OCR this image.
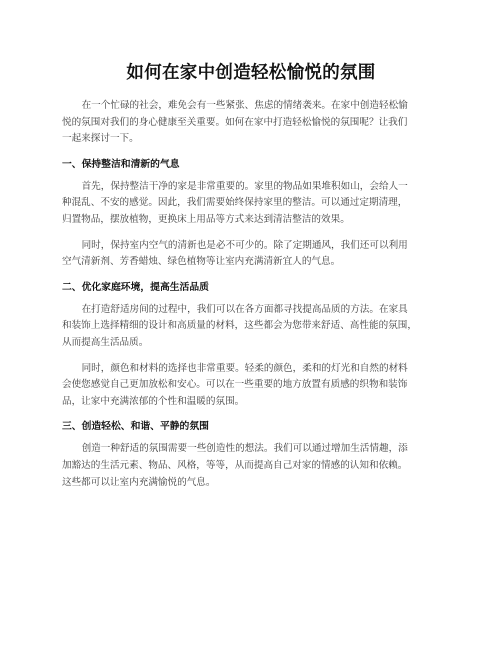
如何在家中创造轻松愉悦的氛围

在一个忙碌的社会，难免会有一些紧张、焦虑的情绪袭来。在家中创造轻松愉
悦的氛围对我们的身心健康至关重要。如何在家中打造轻松愉悦的氛围呢？让我们
一起来探讨一下。

一、保持整洁和清新的气息

首先，保持整洁干净的家是非常重要的。家里的物品如果堆积如山，会给人一
种混乱、不安的感觉。因此，我们需要始终保持家里的整洁。可以通过定期清理，
归置物品，摆放植物，更换床上用品等方式来达到清洁整洁的效果。

同时，保持室内空气的清新也是必不可少的。除了定期通风，我们还可以利用
空气清新剂、芳香蜡烛、绿色植物等让室内充满清新宜人的气息。

二、优化家庭环境，提高生活品质

在打造舒适房间的过程中，我们可以在各方面都寻找提高品质的方法。在家具
和装饰上选择精细的设计和高质量的材料，这些都会为您带来舒适、高性能的氛围，
从而提高生活品质。

同时，颜色和材料的选择也非常重要。轻柔的颜色，柔和的灯光和自然的材料
会使您感觉自己更加放松和安心。可以在一些重要的地方放置有质感的织物和装饰
品，让家中充满浓郁的个性和温暖的氛围。

三、创造轻松、和谐、平静的氛围

创造一种舒适的氛围需要一些创造性的想法。我们可以通过增加生活情趣，添
加豁达的生活元素、物品、风格，等等，从而提高自己对家的情感的认知和依赖。
这些都可以让室内充满愉悦的气息。
